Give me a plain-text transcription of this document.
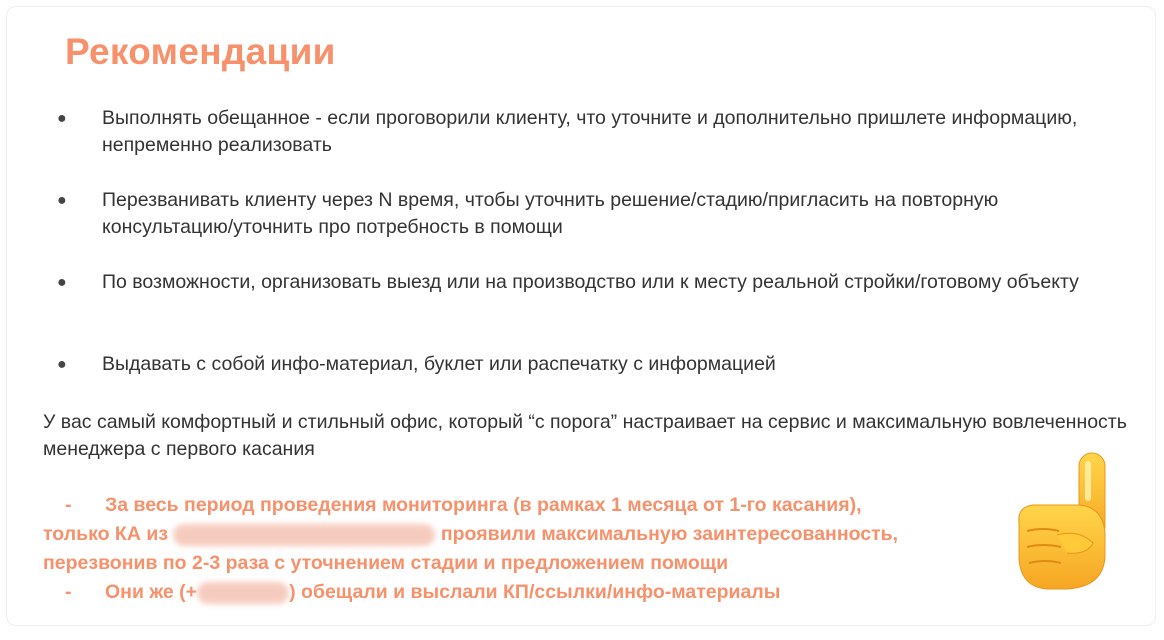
Рекомендации
● Выполнять обещанное - если проговорили клиенту, что уточните и дополнительно пришлете информацию, непременно реализовать
● Перезванивать клиенту через N время, чтобы уточнить решение/стадию/пригласить на повторную консультацию/уточнить про потребность в помощи
● По возможности, организовать выезд или на производство или к месту реальной стройки/готовому объекту
● Выдавать с собой инфо-материал, буклет или распечатку с информацией
У вас самый комфортный и стильный офис, который “с порога” настраивает на сервис и максимальную вовлеченность менеджера с первого касания
- За весь период проведения мониторинга (в рамках 1 месяца от 1-го касания),
только КА из	проявили максимальную заинтересованность,
перезвонив по 2-3 раза с уточнением стадии и предложением помощи
- Они же (+	) обещали и выслали КП/ссылки/инфо-материалы
